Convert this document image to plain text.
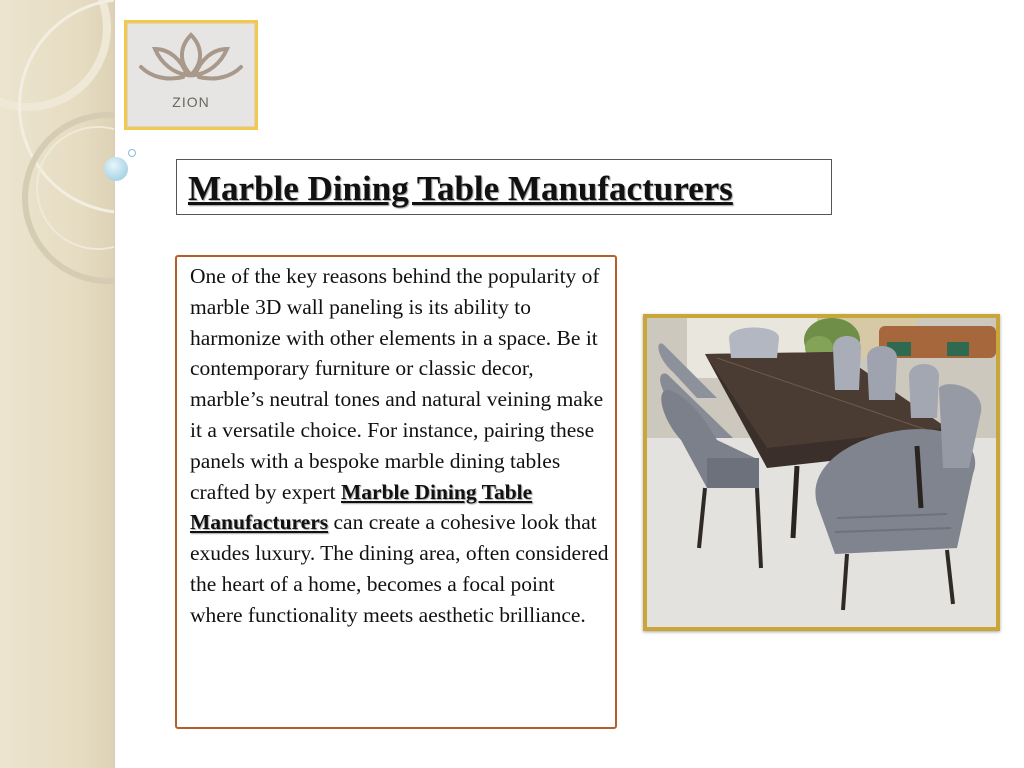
ZION
Marble Dining Table Manufacturers

One of the key reasons behind the popularity of marble 3D wall paneling is its ability to harmonize with other elements in a space. Be it contemporary furniture or classic decor, marble’s neutral tones and natural veining make it a versatile choice. For instance, pairing these panels with a bespoke marble dining tables crafted by expert Marble Dining Table Manufacturers can create a cohesive look that exudes luxury. The dining area, often considered the heart of a home, becomes a focal point where functionality meets aesthetic brilliance.
